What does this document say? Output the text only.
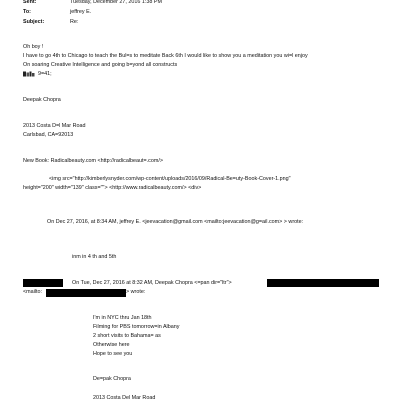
Sent:	Tuesday, December 27, 2016 1:38 PM
To:	jeffrey E.
Subject:	Re:
Oh boy !
I have to go 4th to Chicago to teach the Bul=s to meditate Back 6th I would like to show you a meditation you wi=l enjoy
On soaring Creative Intelligence and going b=yond all constructs
9=41;
Deepak Chopra
2013 Costa D=l Mar Road
Carlsbad, CA=92013
New Book: Radicalbeauty.com <http://radicalbeaut=.com/>
<img src="http://kimberlysnyder.com/wp-content/uploads/2016/09/Radical-Be=uty-Book-Cover-1.png"
height="200" width="139" class=""> <http://www.radicalbeauty.com/> <div>
On Dec 27, 2016, at 8:34 AM, jeffrey E. <jeevacation@gmail.com <mailto:jeevacation@g=ail.com> > wrote:
inm in 4 th and 5th
On Tue, Dec 27, 2016 at 8:32 AM, Deepak Chopra <=pan dir="ltr">
<mailto:	> wrote:
I'm in NYC thru Jan 18th
Filming for PBS tomorrow=in Albany
2 short visits to Bahama= as
Otherwise here
Hope to see you
De=pak Chopra
2013 Costa Del Mar Road
